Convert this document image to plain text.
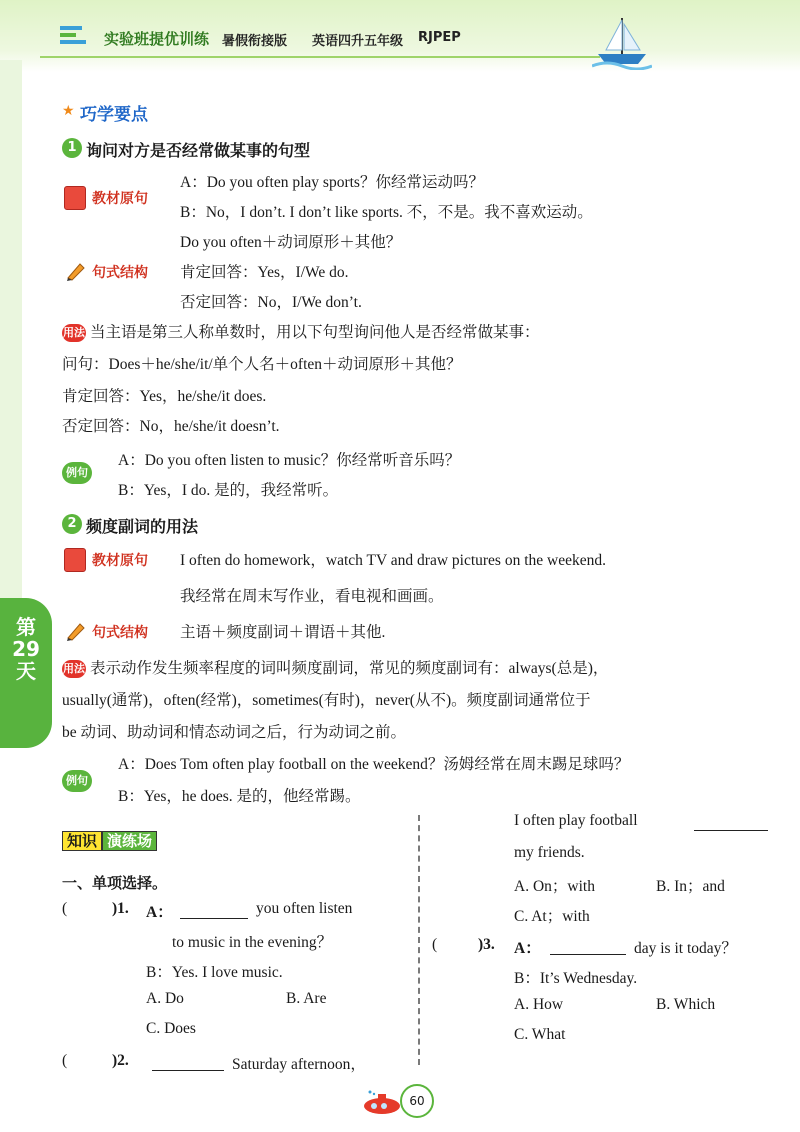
实验班提优训练 暑假衔接版 英语四升五年级 RJPEP
第
29
天
★ 巧学要点
1 询问对方是否经常做某事的句型
教材原句
A：Do you often play sports？你经常运动吗？
B：No，I don’t. I don’t like sports. 不，不是。我不喜欢运动。
Do you often＋动词原形＋其他？
句式结构 肯定回答：Yes，I/We do.
否定回答：No，I/We don’t.
用法 当主语是第三人称单数时，用以下句型询问他人是否经常做某事：
问句：Does＋he/she/it/单个人名＋often＋动词原形＋其他？
肯定回答：Yes，he/she/it does.
否定回答：No，he/she/it doesn’t.
例句
A：Do you often listen to music？你经常听音乐吗？
B：Yes，I do. 是的，我经常听。
2 频度副词的用法
教材原句 I often do homework，watch TV and draw pictures on the weekend.
我经常在周末写作业，看电视和画画。
句式结构 主语＋频度副词＋谓语＋其他.
用法 表示动作发生频率程度的词叫频度副词，常见的频度副词有：always(总是)，
usually(通常)，often(经常)，sometimes(有时)，never(从不)。频度副词通常位于
be 动词、助动词和情态动词之后，行为动词之前。
例句
A：Does Tom often play football on the weekend？汤姆经常在周末踢足球吗？
B：Yes，he does. 是的，他经常踢。
知识 演练场
一、单项选择。
(	)1. A：	you often listen
to music in the evening？
B：Yes. I love music.
A. Do	B. Are
C. Does
(	)2.	Saturday afternoon，
I often play football
my friends.
A. On；with	B. In；and
C. At；with
(	)3. A：	day is it today？
B：It’s Wednesday.
A. How	B. Which
C. What
60
